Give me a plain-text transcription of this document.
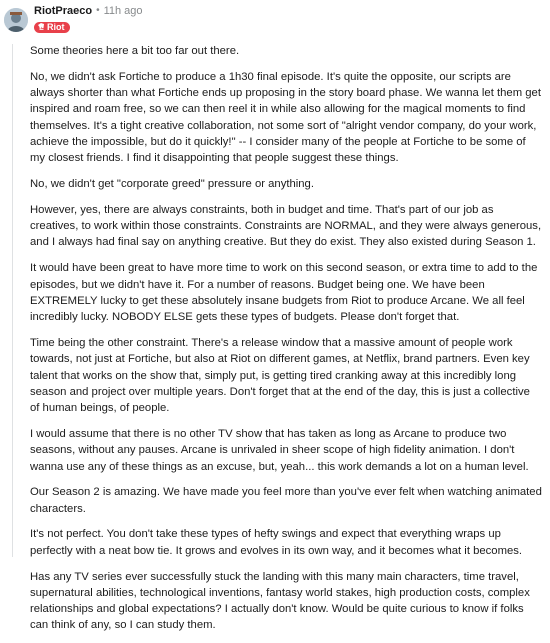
RiotPraeco • 11h ago
Riot

Some theories here a bit too far out there.

No, we didn't ask Fortiche to produce a 1h30 final episode. It's quite the opposite, our scripts are always shorter than what Fortiche ends up proposing in the story board phase. We wanna let them get inspired and roam free, so we can then reel it in while also allowing for the magical moments to find themselves. It's a tight creative collaboration, not some sort of "alright vendor company, do your work, achieve the impossible, but do it quickly!" -- I consider many of the people at Fortiche to be some of my closest friends. I find it disappointing that people suggest these things.

No, we didn't get "corporate greed" pressure or anything.

However, yes, there are always constraints, both in budget and time. That's part of our job as creatives, to work within those constraints. Constraints are NORMAL, and they were always generous, and I always had final say on anything creative. But they do exist. They also existed during Season 1.

It would have been great to have more time to work on this second season, or extra time to add to the episodes, but we didn't have it. For a number of reasons. Budget being one. We have been EXTREMELY lucky to get these absolutely insane budgets from Riot to produce Arcane. We all feel incredibly lucky. NOBODY ELSE gets these types of budgets. Please don't forget that.

Time being the other constraint. There's a release window that a massive amount of people work towards, not just at Fortiche, but also at Riot on different games, at Netflix, brand partners. Even key talent that works on the show that, simply put, is getting tired cranking away at this incredibly long season and project over multiple years. Don't forget that at the end of the day, this is just a collective of human beings, of people.

I would assume that there is no other TV show that has taken as long as Arcane to produce two seasons, without any pauses. Arcane is unrivaled in sheer scope of high fidelity animation. I don't wanna use any of these things as an excuse, but, yeah... this work demands a lot on a human level.

Our Season 2 is amazing. We have made you feel more than you've ever felt when watching animated characters.

It's not perfect. You don't take these types of hefty swings and expect that everything wraps up perfectly with a neat bow tie. It grows and evolves in its own way, and it becomes what it becomes.

Has any TV series ever successfully stuck the landing with this many main characters, time travel, supernatural abilities, technological inventions, fantasy world stakes, high production costs, complex relationships and global expectations? I actually don't know. Would be quite curious to know if folks can think of any, so I can study them.
